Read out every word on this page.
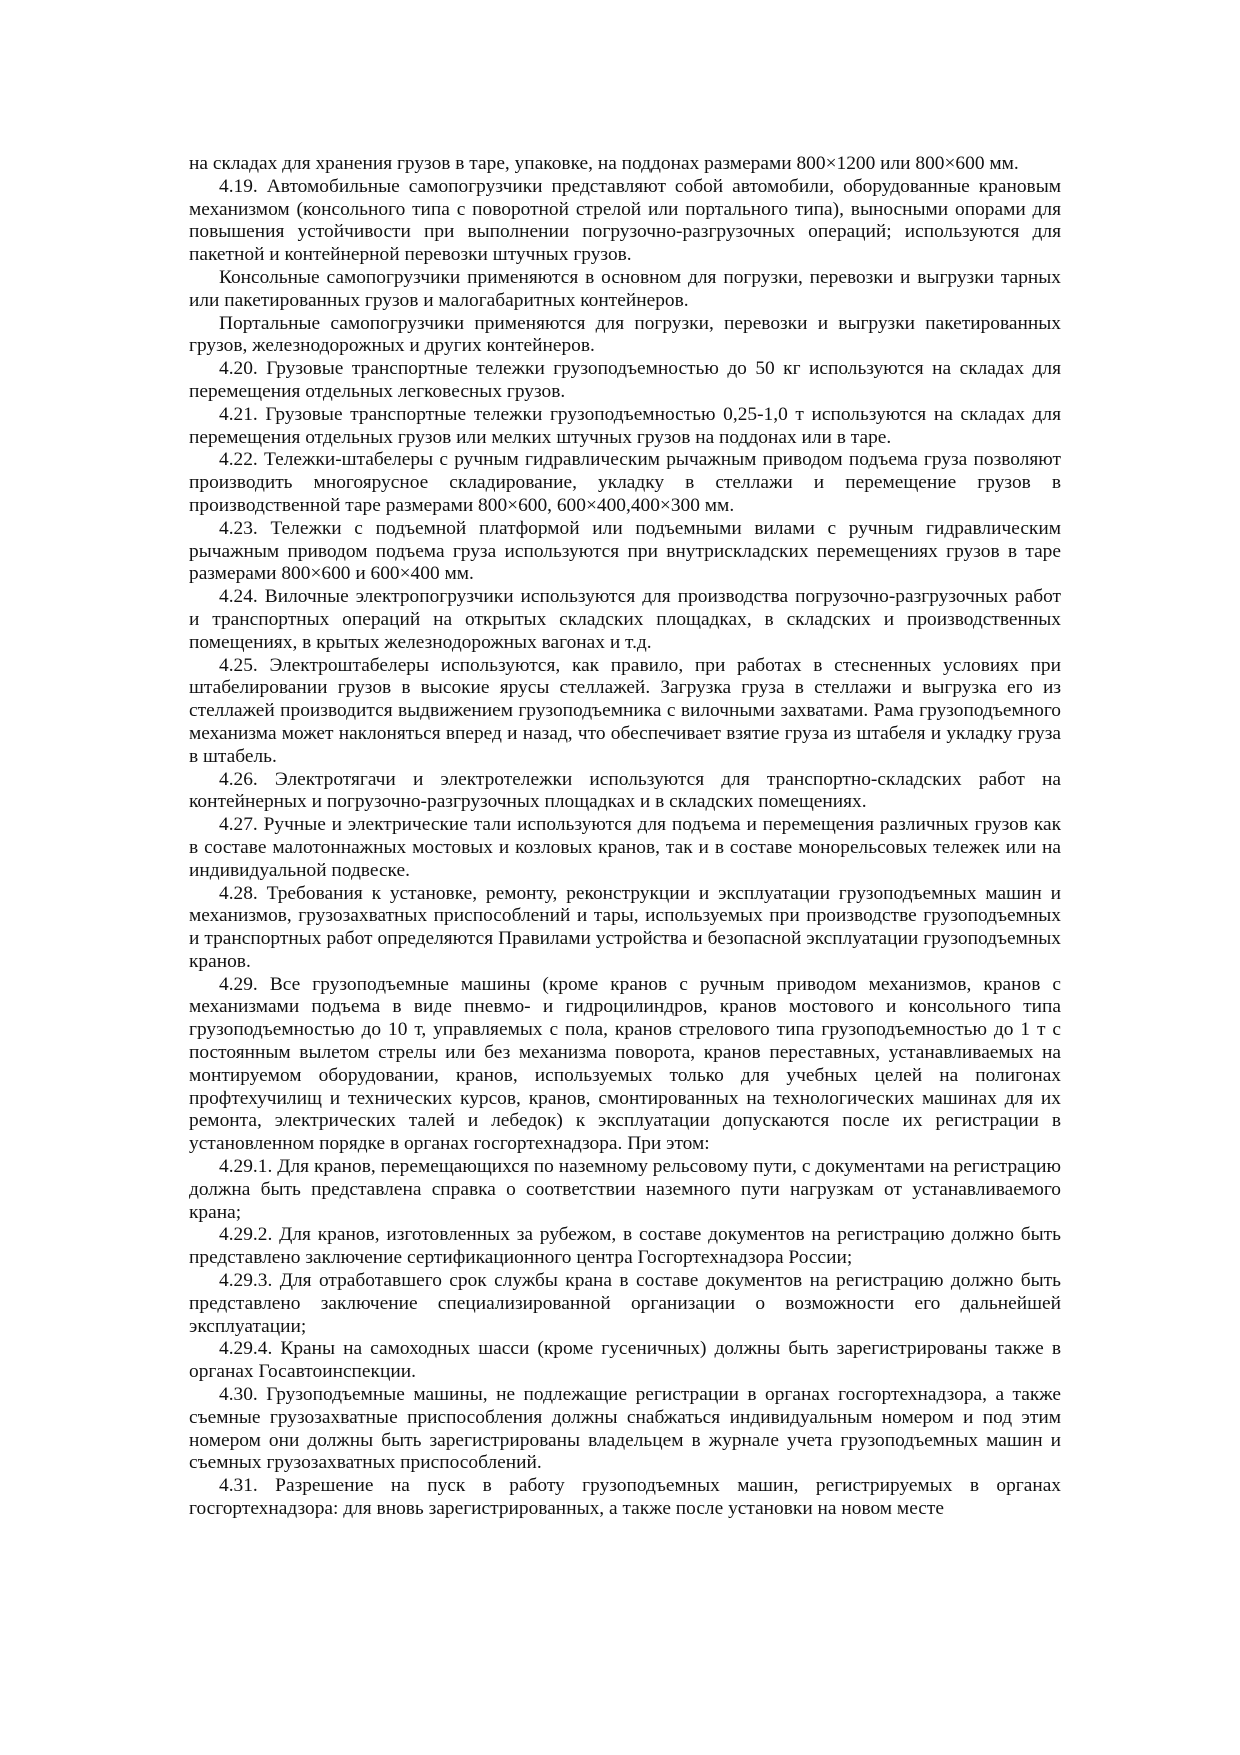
на складах для хранения грузов в таре, упаковке, на поддонах размерами 800×1200 или 800×600 мм.

4.19. Автомобильные самопогрузчики представляют собой автомобили, оборудованные крановым механизмом (консольного типа с поворотной стрелой или портального типа), выносными опорами для повышения устойчивости при выполнении погрузочно-разгрузочных операций; используются для пакетной и контейнерной перевозки штучных грузов.

Консольные самопогрузчики применяются в основном для погрузки, перевозки и выгрузки тарных или пакетированных грузов и малогабаритных контейнеров.

Портальные самопогрузчики применяются для погрузки, перевозки и выгрузки пакетированных грузов, железнодорожных и других контейнеров.

4.20. Грузовые транспортные тележки грузоподъемностью до 50 кг используются на складах для перемещения отдельных легковесных грузов.

4.21. Грузовые транспортные тележки грузоподъемностью 0,25-1,0 т используются на складах для перемещения отдельных грузов или мелких штучных грузов на поддонах или в таре.

4.22. Тележки-штабелеры с ручным гидравлическим рычажным приводом подъема груза позволяют производить многоярусное складирование, укладку в стеллажи и перемещение грузов в производственной таре размерами 800×600, 600×400,400×300 мм.

4.23. Тележки с подъемной платформой или подъемными вилами с ручным гидравлическим рычажным приводом подъема груза используются при внутрискладских перемещениях грузов в таре размерами 800×600 и 600×400 мм.

4.24. Вилочные электропогрузчики используются для производства погрузочно-разгрузочных работ и транспортных операций на открытых складских площадках, в складских и производственных помещениях, в крытых железнодорожных вагонах и т.д.

4.25. Электроштабелеры используются, как правило, при работах в стесненных условиях при штабелировании грузов в высокие ярусы стеллажей. Загрузка груза в стеллажи и выгрузка его из стеллажей производится выдвижением грузоподъемника с вилочными захватами. Рама грузоподъемного механизма может наклоняться вперед и назад, что обеспечивает взятие груза из штабеля и укладку груза в штабель.

4.26. Электротягачи и электротележки используются для транспортно-складских работ на контейнерных и погрузочно-разгрузочных площадках и в складских помещениях.

4.27. Ручные и электрические тали используются для подъема и перемещения различных грузов как в составе малотоннажных мостовых и козловых кранов, так и в составе монорельсовых тележек или на индивидуальной подвеске.

4.28. Требования к установке, ремонту, реконструкции и эксплуатации грузоподъемных машин и механизмов, грузозахватных приспособлений и тары, используемых при производстве грузоподъемных и транспортных работ определяются Правилами устройства и безопасной эксплуатации грузоподъемных кранов.

4.29. Все грузоподъемные машины (кроме кранов с ручным приводом механизмов, кранов с механизмами подъема в виде пневмо- и гидроцилиндров, кранов мостового и консольного типа грузоподъемностью до 10 т, управляемых с пола, кранов стрелового типа грузоподъемностью до 1 т с постоянным вылетом стрелы или без механизма поворота, кранов переставных, устанавливаемых на монтируемом оборудовании, кранов, используемых только для учебных целей на полигонах профтехучилищ и технических курсов, кранов, смонтированных на технологических машинах для их ремонта, электрических талей и лебедок) к эксплуатации допускаются после их регистрации в установленном порядке в органах госгортехнадзора. При этом:

4.29.1. Для кранов, перемещающихся по наземному рельсовому пути, с документами на регистрацию должна быть представлена справка о соответствии наземного пути нагрузкам от устанавливаемого крана;

4.29.2. Для кранов, изготовленных за рубежом, в составе документов на регистрацию должно быть представлено заключение сертификационного центра Госгортехнадзора России;

4.29.3. Для отработавшего срок службы крана в составе документов на регистрацию должно быть представлено заключение специализированной организации о возможности его дальнейшей эксплуатации;

4.29.4. Краны на самоходных шасси (кроме гусеничных) должны быть зарегистрированы также в органах Госавтоинспекции.

4.30. Грузоподъемные машины, не подлежащие регистрации в органах госгортехнадзора, а также съемные грузозахватные приспособления должны снабжаться индивидуальным номером и под этим номером они должны быть зарегистрированы владельцем в журнале учета грузоподъемных машин и съемных грузозахватных приспособлений.

4.31. Разрешение на пуск в работу грузоподъемных машин, регистрируемых в органах госгортехнадзора: для вновь зарегистрированных, а также после установки на новом месте
